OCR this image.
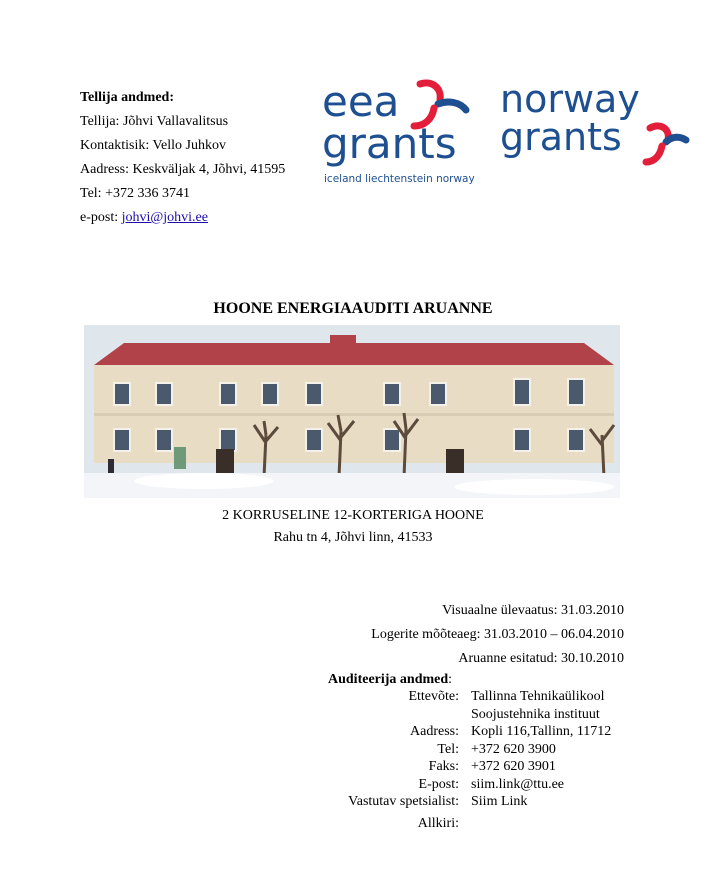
Tellija andmed:
Tellija: Jõhvi Vallavalitsus
Kontaktisik: Vello Juhkov
Aadress: Keskväljak 4, Jõhvi, 41595
Tel: +372 336 3741
e-post: johvi@johvi.ee
eea
grants
iceland liechtenstein norway
norway
grants
HOONE ENERGIAAUDITI ARUANNE
2 KORRUSELINE 12-KORTERIGA HOONE
Rahu tn 4, Jõhvi linn, 41533
Visuaalne ülevaatus: 31.03.2010
Logerite mõõteaeg: 31.03.2010 – 06.04.2010
Aruanne esitatud: 30.10.2010
Auditeerija andmed:
Ettevõte:	Tallinna Tehnikaülikool
	Soojustehnika instituut
Aadress:	Kopli 116,Tallinn, 11712
Tel:	+372 620 3900
Faks:	+372 620 3901
E-post:	siim.link@ttu.ee
Vastutav spetsialist:	Siim Link

Allkiri:	
